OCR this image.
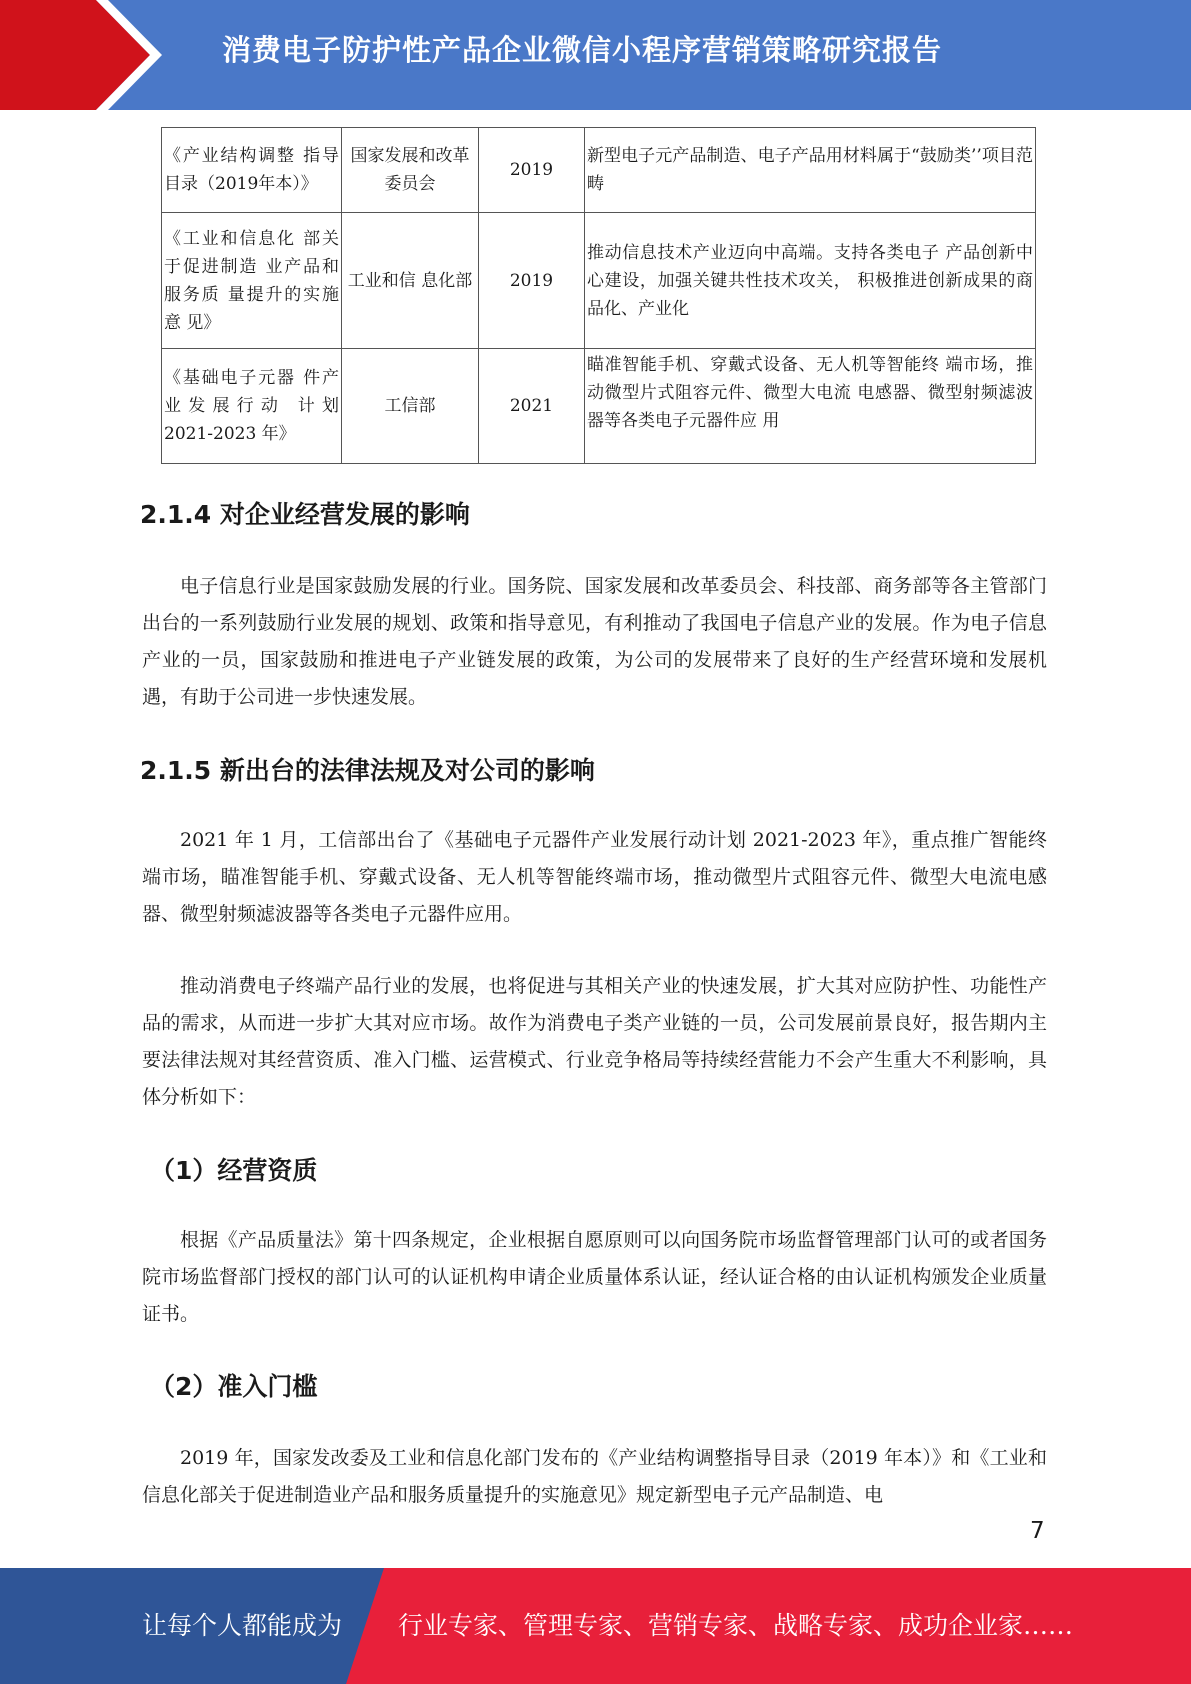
消费电子防护性产品企业微信小程序营销策略研究报告
《产业结构调整 指导目录（2019年本）》	国家发展和改革委员会	2019	新型电子元产品制造、电子产品用材料属于“鼓励类’’项目范畴
《工业和信息化 部关于促进制造 业产品和服务质 量提升的实施意 见》	工业和信 息化部	2019	推动信息技术产业迈向中高端。支持各类电子 产品创新中心建设，加强关键共性技术攻关， 积极推进创新成果的商品化、产业化
《基础电子元器 件产业发展行动 计划 2021-2023 年》	工信部	2021	瞄准智能手机、穿戴式设备、无人机等智能终 端市场，推动微型片式阻容元件、微型大电流 电感器、微型射频滤波器等各类电子元器件应 用
2.1.4 对企业经营发展的影响

电子信息行业是国家鼓励发展的行业。国务院、国家发展和改革委员会、科技部、商务部等各主管部门出台的一系列鼓励行业发展的规划、政策和指导意见，有利推动了我国电子信息产业的发展。作为电子信息产业的一员，国家鼓励和推进电子产业链发展的政策，为公司的发展带来了良好的生产经营环境和发展机遇，有助于公司进一步快速发展。

2.1.5 新出台的法律法规及对公司的影响

2021 年 1 月，工信部出台了《基础电子元器件产业发展行动计划 2021-2023 年》，重点推广智能终端市场，瞄准智能手机、穿戴式设备、无人机等智能终端市场，推动微型片式阻容元件、微型大电流电感器、微型射频滤波器等各类电子元器件应用。

推动消费电子终端产品行业的发展，也将促进与其相关产业的快速发展，扩大其对应防护性、功能性产品的需求，从而进一步扩大其对应市场。故作为消费电子类产业链的一员，公司发展前景良好，报告期内主要法律法规对其经营资质、准入门槛、运营模式、行业竞争格局等持续经营能力不会产生重大不利影响，具体分析如下：

（1）经营资质

根据《产品质量法》第十四条规定，企业根据自愿原则可以向国务院市场监督管理部门认可的或者国务院市场监督部门授权的部门认可的认证机构申请企业质量体系认证，经认证合格的由认证机构颁发企业质量证书。

（2）准入门槛

2019 年，国家发改委及工业和信息化部门发布的《产业结构调整指导目录（2019 年本）》和《工业和信息化部关于促进制造业产品和服务质量提升的实施意见》规定新型电子元产品制造、电

7
让每个人都能成为 行业专家、管理专家、营销专家、战略专家、成功企业家……
